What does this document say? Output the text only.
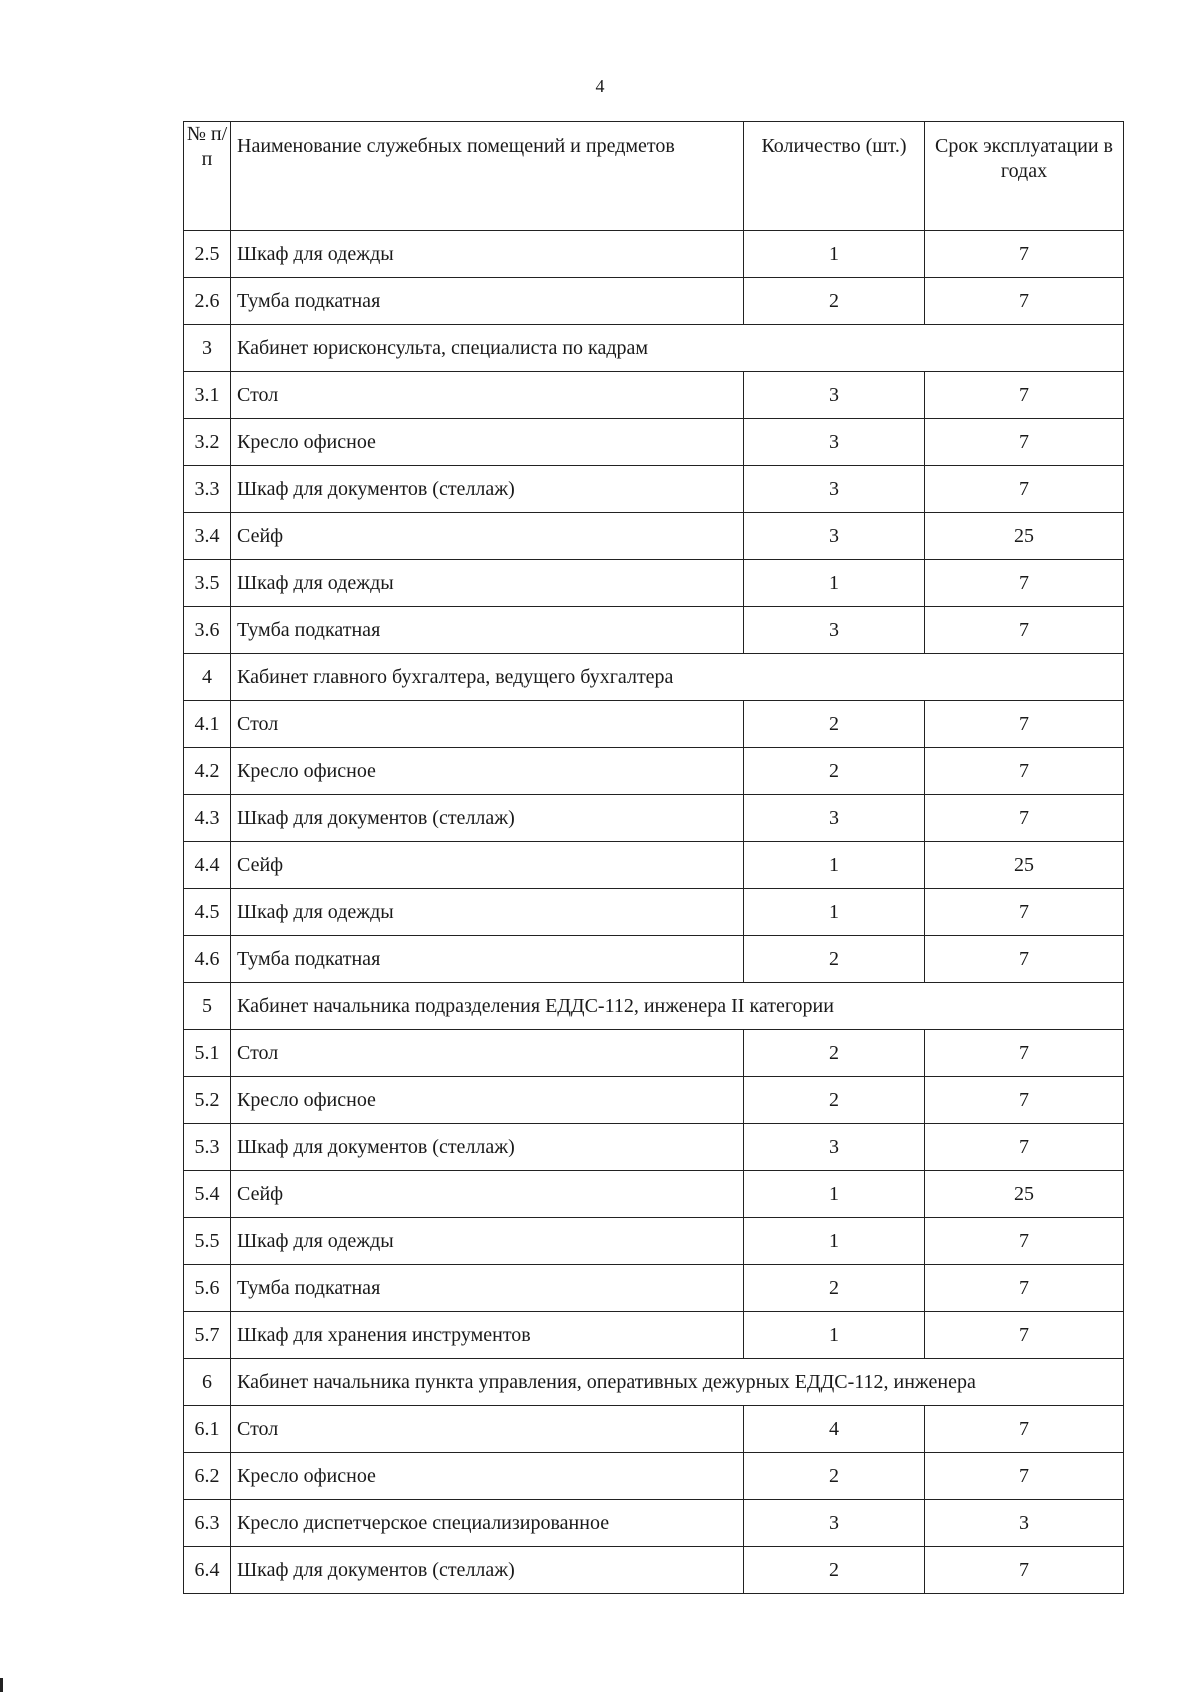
4
№ п/п	Наименование служебных помещений и предметов	Количество (шт.)	Срок эксплуатации в годах
2.5	Шкаф для одежды	1	7
2.6	Тумба подкатная	2	7
3	Кабинет юрисконсульта, специалиста по кадрам		
3.1	Стол	3	7
3.2	Кресло офисное	3	7
3.3	Шкаф для документов (стеллаж)	3	7
3.4	Сейф	3	25
3.5	Шкаф для одежды	1	7
3.6	Тумба подкатная	3	7
4	Кабинет главного бухгалтера, ведущего бухгалтера		
4.1	Стол	2	7
4.2	Кресло офисное	2	7
4.3	Шкаф для документов (стеллаж)	3	7
4.4	Сейф	1	25
4.5	Шкаф для одежды	1	7
4.6	Тумба подкатная	2	7
5	Кабинет начальника подразделения ЕДДС-112, инженера II категории		
5.1	Стол	2	7
5.2	Кресло офисное	2	7
5.3	Шкаф для документов (стеллаж)	3	7
5.4	Сейф	1	25
5.5	Шкаф для одежды	1	7
5.6	Тумба подкатная	2	7
5.7	Шкаф для хранения инструментов	1	7
6	Кабинет начальника пункта управления, оперативных дежурных ЕДДС-112, инженера		
6.1	Стол	4	7
6.2	Кресло офисное	2	7
6.3	Кресло диспетчерское специализированное	3	3
6.4	Шкаф для документов (стеллаж)	2	7
